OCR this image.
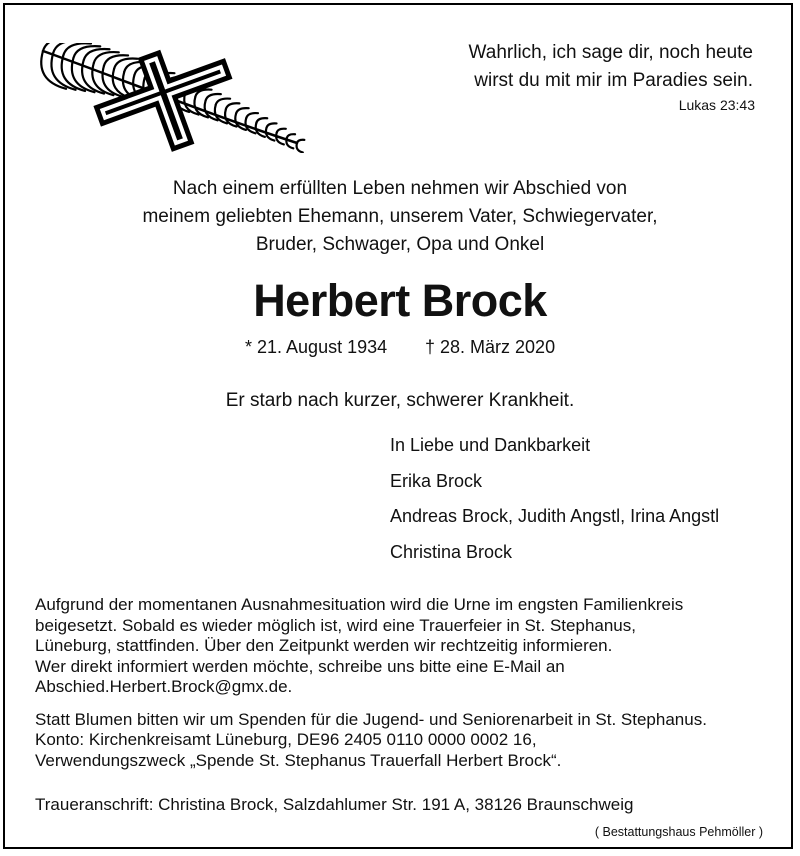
Wahrlich, ich sage dir, noch heute
wirst du mit mir im Paradies sein.
Lukas 23:43
Nach einem erfüllten Leben nehmen wir Abschied von
meinem geliebten Ehemann, unserem Vater, Schwiegervater,
Bruder, Schwager, Opa und Onkel
Herbert Brock
* 21. August 1934 † 28. März 2020
Er starb nach kurzer, schwerer Krankheit.
In Liebe und Dankbarkeit
Erika Brock
Andreas Brock, Judith Angstl, Irina Angstl
Christina Brock

Aufgrund der momentanen Ausnahmesituation wird die Urne im engsten Familienkreis
beigesetzt. Sobald es wieder möglich ist, wird eine Trauerfeier in St. Stephanus,
Lüneburg, stattfinden. Über den Zeitpunkt werden wir rechtzeitig informieren.
Wer direkt informiert werden möchte, schreibe uns bitte eine E-Mail an
Abschied.Herbert.Brock@gmx.de.

Statt Blumen bitten wir um Spenden für die Jugend- und Seniorenarbeit in St. Stephanus.
Konto: Kirchenkreisamt Lüneburg, DE96 2405 0110 0000 0002 16,
Verwendungszweck „Spende St. Stephanus Trauerfall Herbert Brock“.

Traueranschrift: Christina Brock, Salzdahlumer Str. 191 A, 38126 Braunschweig
( Bestattungshaus Pehmöller )
